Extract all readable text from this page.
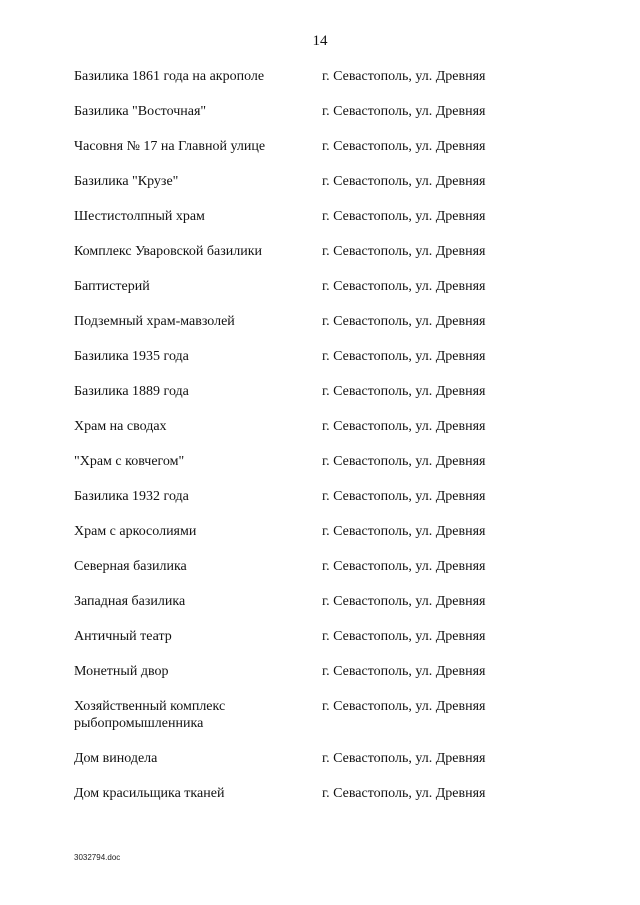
14
Базилика 1861 года на акрополе	г. Севастополь, ул. Древняя
Базилика "Восточная"	г. Севастополь, ул. Древняя
Часовня № 17 на Главной улице	г. Севастополь, ул. Древняя
Базилика "Крузе"	г. Севастополь, ул. Древняя
Шестистолпный храм	г. Севастополь, ул. Древняя
Комплекс Уваровской базилики	г. Севастополь, ул. Древняя
Баптистерий	г. Севастополь, ул. Древняя
Подземный храм-мавзолей	г. Севастополь, ул. Древняя
Базилика 1935 года	г. Севастополь, ул. Древняя
Базилика 1889 года	г. Севастополь, ул. Древняя
Храм на сводах	г. Севастополь, ул. Древняя
"Храм с ковчегом"	г. Севастополь, ул. Древняя
Базилика 1932 года	г. Севастополь, ул. Древняя
Храм с аркосолиями	г. Севастополь, ул. Древняя
Северная базилика	г. Севастополь, ул. Древняя
Западная базилика	г. Севастополь, ул. Древняя
Античный театр	г. Севастополь, ул. Древняя
Монетный двор	г. Севастополь, ул. Древняя
Хозяйственный комплекс рыбопромышленника
г. Севастополь, ул. Древняя
Дом винодела	г. Севастополь, ул. Древняя
Дом красильщика тканей	г. Севастополь, ул. Древняя
3032794.doc
